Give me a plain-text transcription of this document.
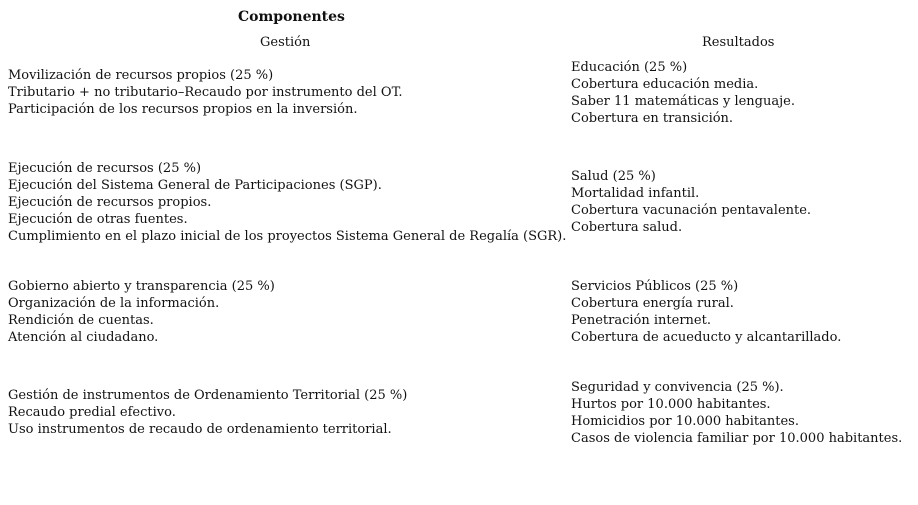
Componentes
Gestión	Resultados
Movilización de recursos propios (25 %)
Tributario + no tributario–Recaudo por instrumento del OT.
Participación de los recursos propios en la inversión.
Ejecución de recursos (25 %)
Ejecución del Sistema General de Participaciones (SGP).
Ejecución de recursos propios.
Ejecución de otras fuentes.
Cumplimiento en el plazo inicial de los proyectos Sistema General de Regalía (SGR).
Gobierno abierto y transparencia (25 %)
Organización de la información.
Rendición de cuentas.
Atención al ciudadano.
Gestión de instrumentos de Ordenamiento Territorial (25 %)
Recaudo predial efectivo.
Uso instrumentos de recaudo de ordenamiento territorial.
Educación (25 %)
Cobertura educación media.
Saber 11 matemáticas y lenguaje.
Cobertura en transición.
Salud (25 %)
Mortalidad infantil.
Cobertura vacunación pentavalente.
Cobertura salud.
Servicios Públicos (25 %)
Cobertura energía rural.
Penetración internet.
Cobertura de acueducto y alcantarillado.
Seguridad y convivencia (25 %).
Hurtos por 10.000 habitantes.
Homicidios por 10.000 habitantes.
Casos de violencia familiar por 10.000 habitantes.
